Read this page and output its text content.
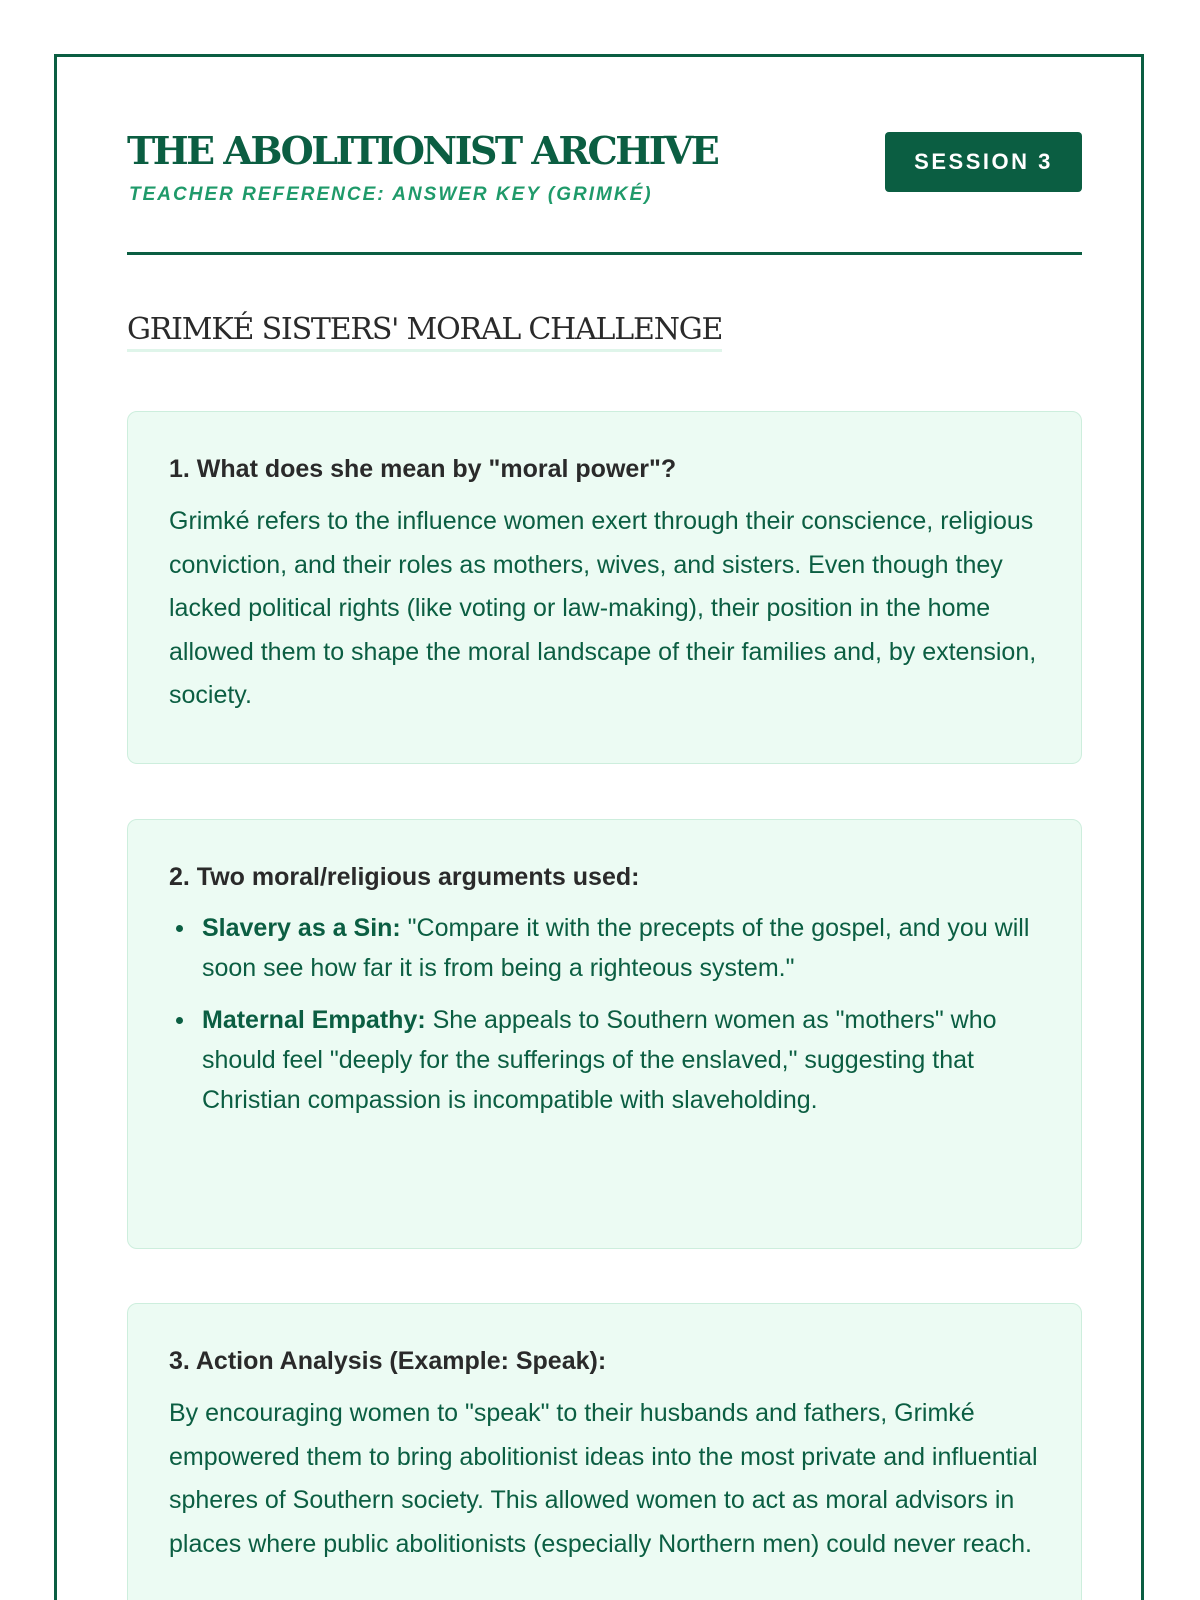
THE ABOLITIONIST ARCHIVE
TEACHER REFERENCE: ANSWER KEY (GRIMKÉ)
SESSION 3
GRIMKÉ SISTERS' MORAL CHALLENGE

1. What does she mean by "moral power"?

Grimké refers to the influence women exert through their conscience, religious conviction, and their roles as mothers, wives, and sisters. Even though they lacked political rights (like voting or law-making), their position in the home allowed them to shape the moral landscape of their families and, by extension, society.

2. Two moral/religious arguments used:

Slavery as a Sin: "Compare it with the precepts of the gospel, and you will soon see how far it is from being a righteous system."
Maternal Empathy: She appeals to Southern women as "mothers" who should feel "deeply for the sufferings of the enslaved," suggesting that Christian compassion is incompatible with slaveholding.

3. Action Analysis (Example: Speak):

By encouraging women to "speak" to their husbands and fathers, Grimké empowered them to bring abolitionist ideas into the most private and influential spheres of Southern society. This allowed women to act as moral advisors in places where public abolitionists (especially Northern men) could never reach.
